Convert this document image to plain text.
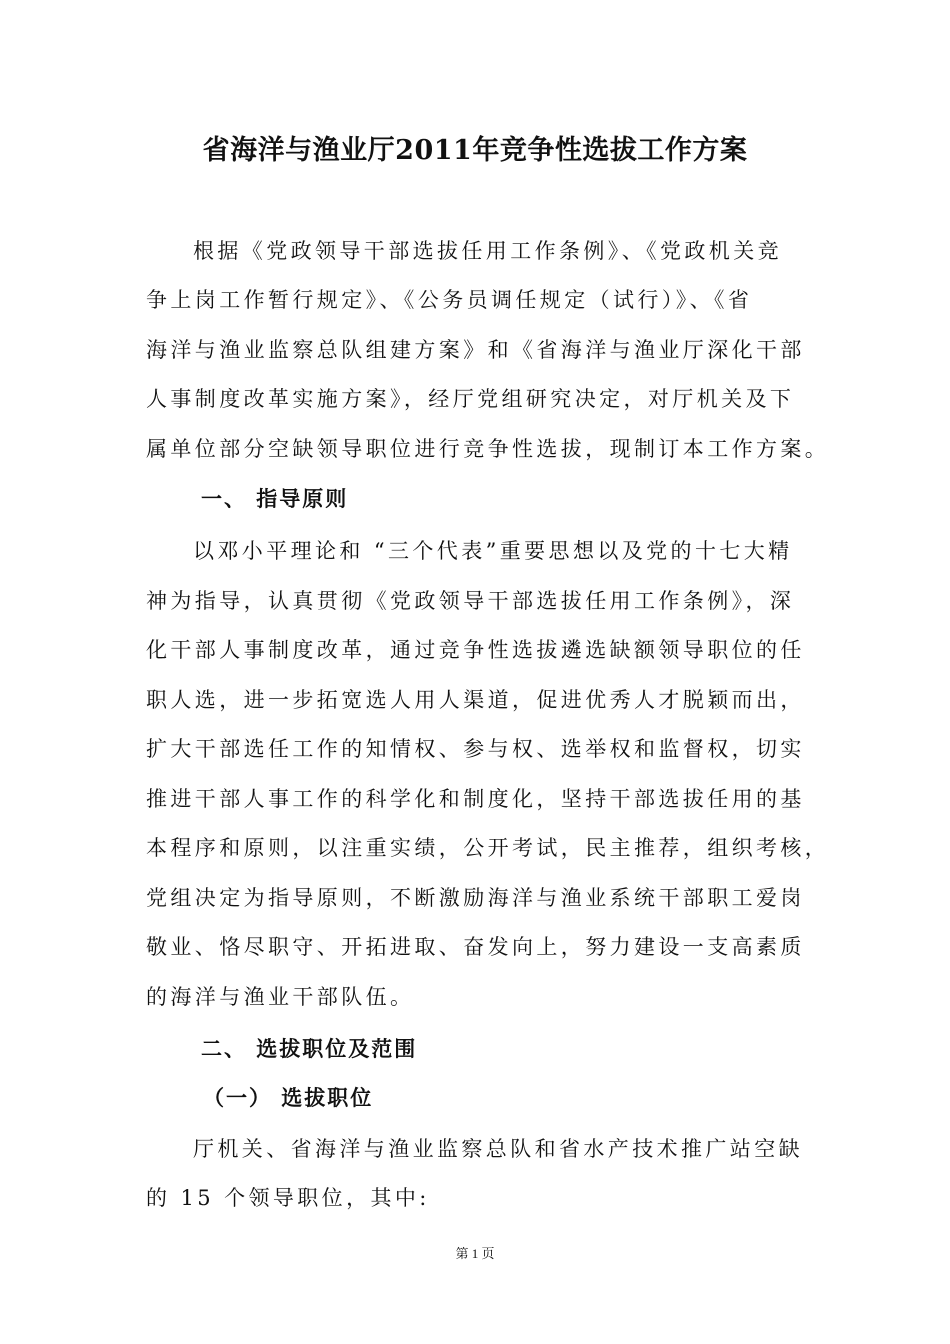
省海洋与渔业厅2011年竞争性选拔工作方案
根据《党政领导干部选拔任用工作条例》、《党政机关竞
争上岗工作暂行规定》、《公务员调任规定（试行）》、《省
海洋与渔业监察总队组建方案》和《省海洋与渔业厅深化干部
人事制度改革实施方案》，经厅党组研究决定，对厅机关及下
属单位部分空缺领导职位进行竞争性选拔，现制订本工作方案。
一、 指导原则
以邓小平理论和 “三个代表”重要思想以及党的十七大精
神为指导，认真贯彻《党政领导干部选拔任用工作条例》，深
化干部人事制度改革，通过竞争性选拔遴选缺额领导职位的任
职人选，进一步拓宽选人用人渠道，促进优秀人才脱颖而出，
扩大干部选任工作的知情权、参与权、选举权和监督权，切实
推进干部人事工作的科学化和制度化，坚持干部选拔任用的基
本程序和原则，以注重实绩，公开考试，民主推荐，组织考核，
党组决定为指导原则，不断激励海洋与渔业系统干部职工爱岗
敬业、恪尽职守、开拓进取、奋发向上，努力建设一支高素质
的海洋与渔业干部队伍。
二、 选拔职位及范围
（一） 选拔职位
厅机关、省海洋与渔业监察总队和省水产技术推广站空缺
的 15 个领导职位，其中:
第 1 页
